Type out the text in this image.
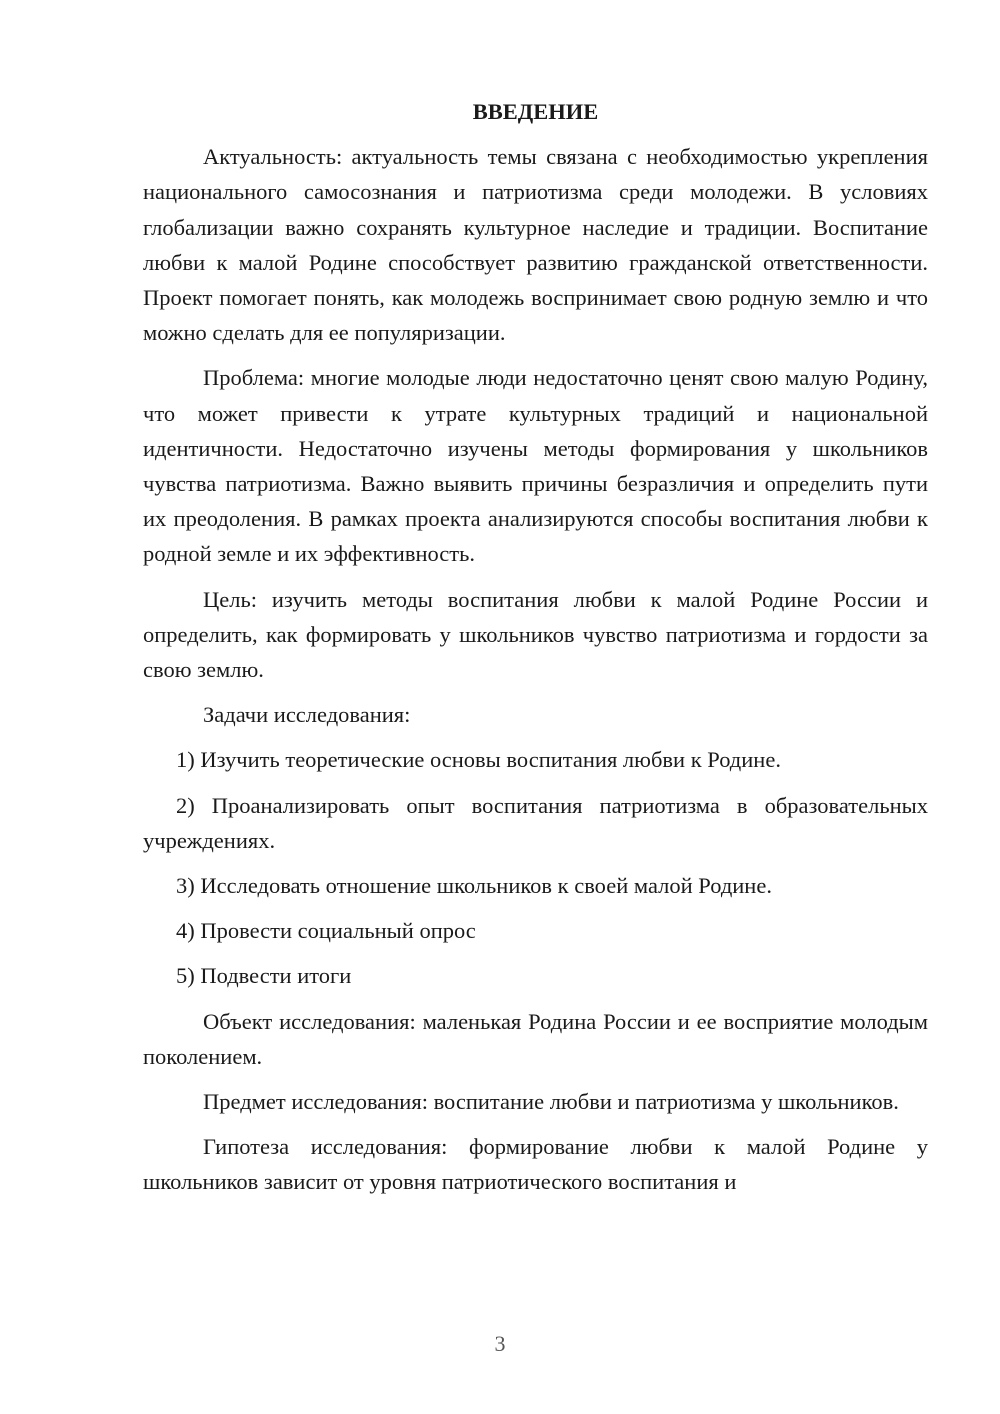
ВВЕДЕНИЕ

Актуальность: актуальность темы связана с необходимостью укрепления национального самосознания и патриотизма среди молодежи. В условиях глобализации важно сохранять культурное наследие и традиции. Воспитание любви к малой Родине способствует развитию гражданской ответственности. Проект помогает понять, как молодежь воспринимает свою родную землю и что можно сделать для ее популяризации.

Проблема: многие молодые люди недостаточно ценят свою малую Родину, что может привести к утрате культурных традиций и национальной идентичности. Недостаточно изучены методы формирования у школьников чувства патриотизма. Важно выявить причины безразличия и определить пути их преодоления. В рамках проекта анализируются способы воспитания любви к родной земле и их эффективность.

Цель: изучить методы воспитания любви к малой Родине России и определить, как формировать у школьников чувство патриотизма и гордости за свою землю.

Задачи исследования:

1) Изучить теоретические основы воспитания любви к Родине.

2) Проанализировать опыт воспитания патриотизма в образовательных учреждениях.

3) Исследовать отношение школьников к своей малой Родине.

4) Провести социальный опрос

5) Подвести итоги

Объект исследования: маленькая Родина России и ее восприятие молодым поколением.

Предмет исследования: воспитание любви и патриотизма у школьников.

Гипотеза исследования: формирование любви к малой Родине у школьников зависит от уровня патриотического воспитания и

3
